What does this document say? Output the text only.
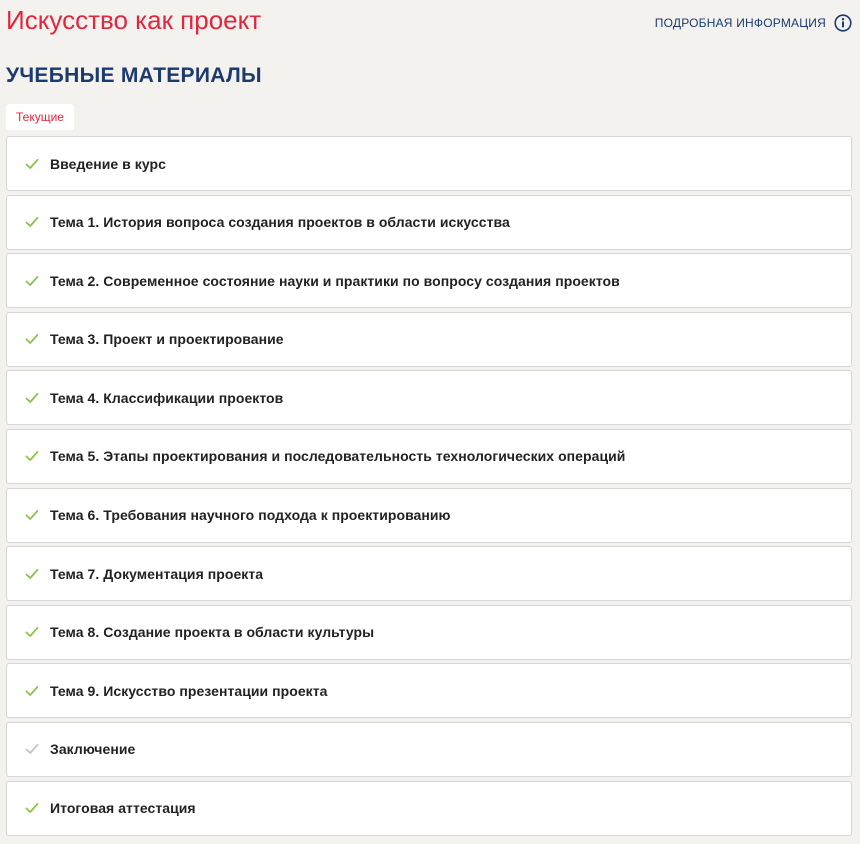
Искусство как проект	ПОДРОБНАЯ ИНФОРМАЦИЯ
УЧЕБНЫЕ МАТЕРИАЛЫ
Текущие
Введение в курс
Тема 1. История вопроса создания проектов в области искусства
Тема 2. Современное состояние науки и практики по вопросу создания проектов
Тема 3. Проект и проектирование
Тема 4. Классификации проектов
Тема 5. Этапы проектирования и последовательность технологических операций
Тема 6. Требования научного подхода к проектированию
Тема 7. Документация проекта
Тема 8. Создание проекта в области культуры
Тема 9. Искусство презентации проекта
Заключение
Итоговая аттестация
